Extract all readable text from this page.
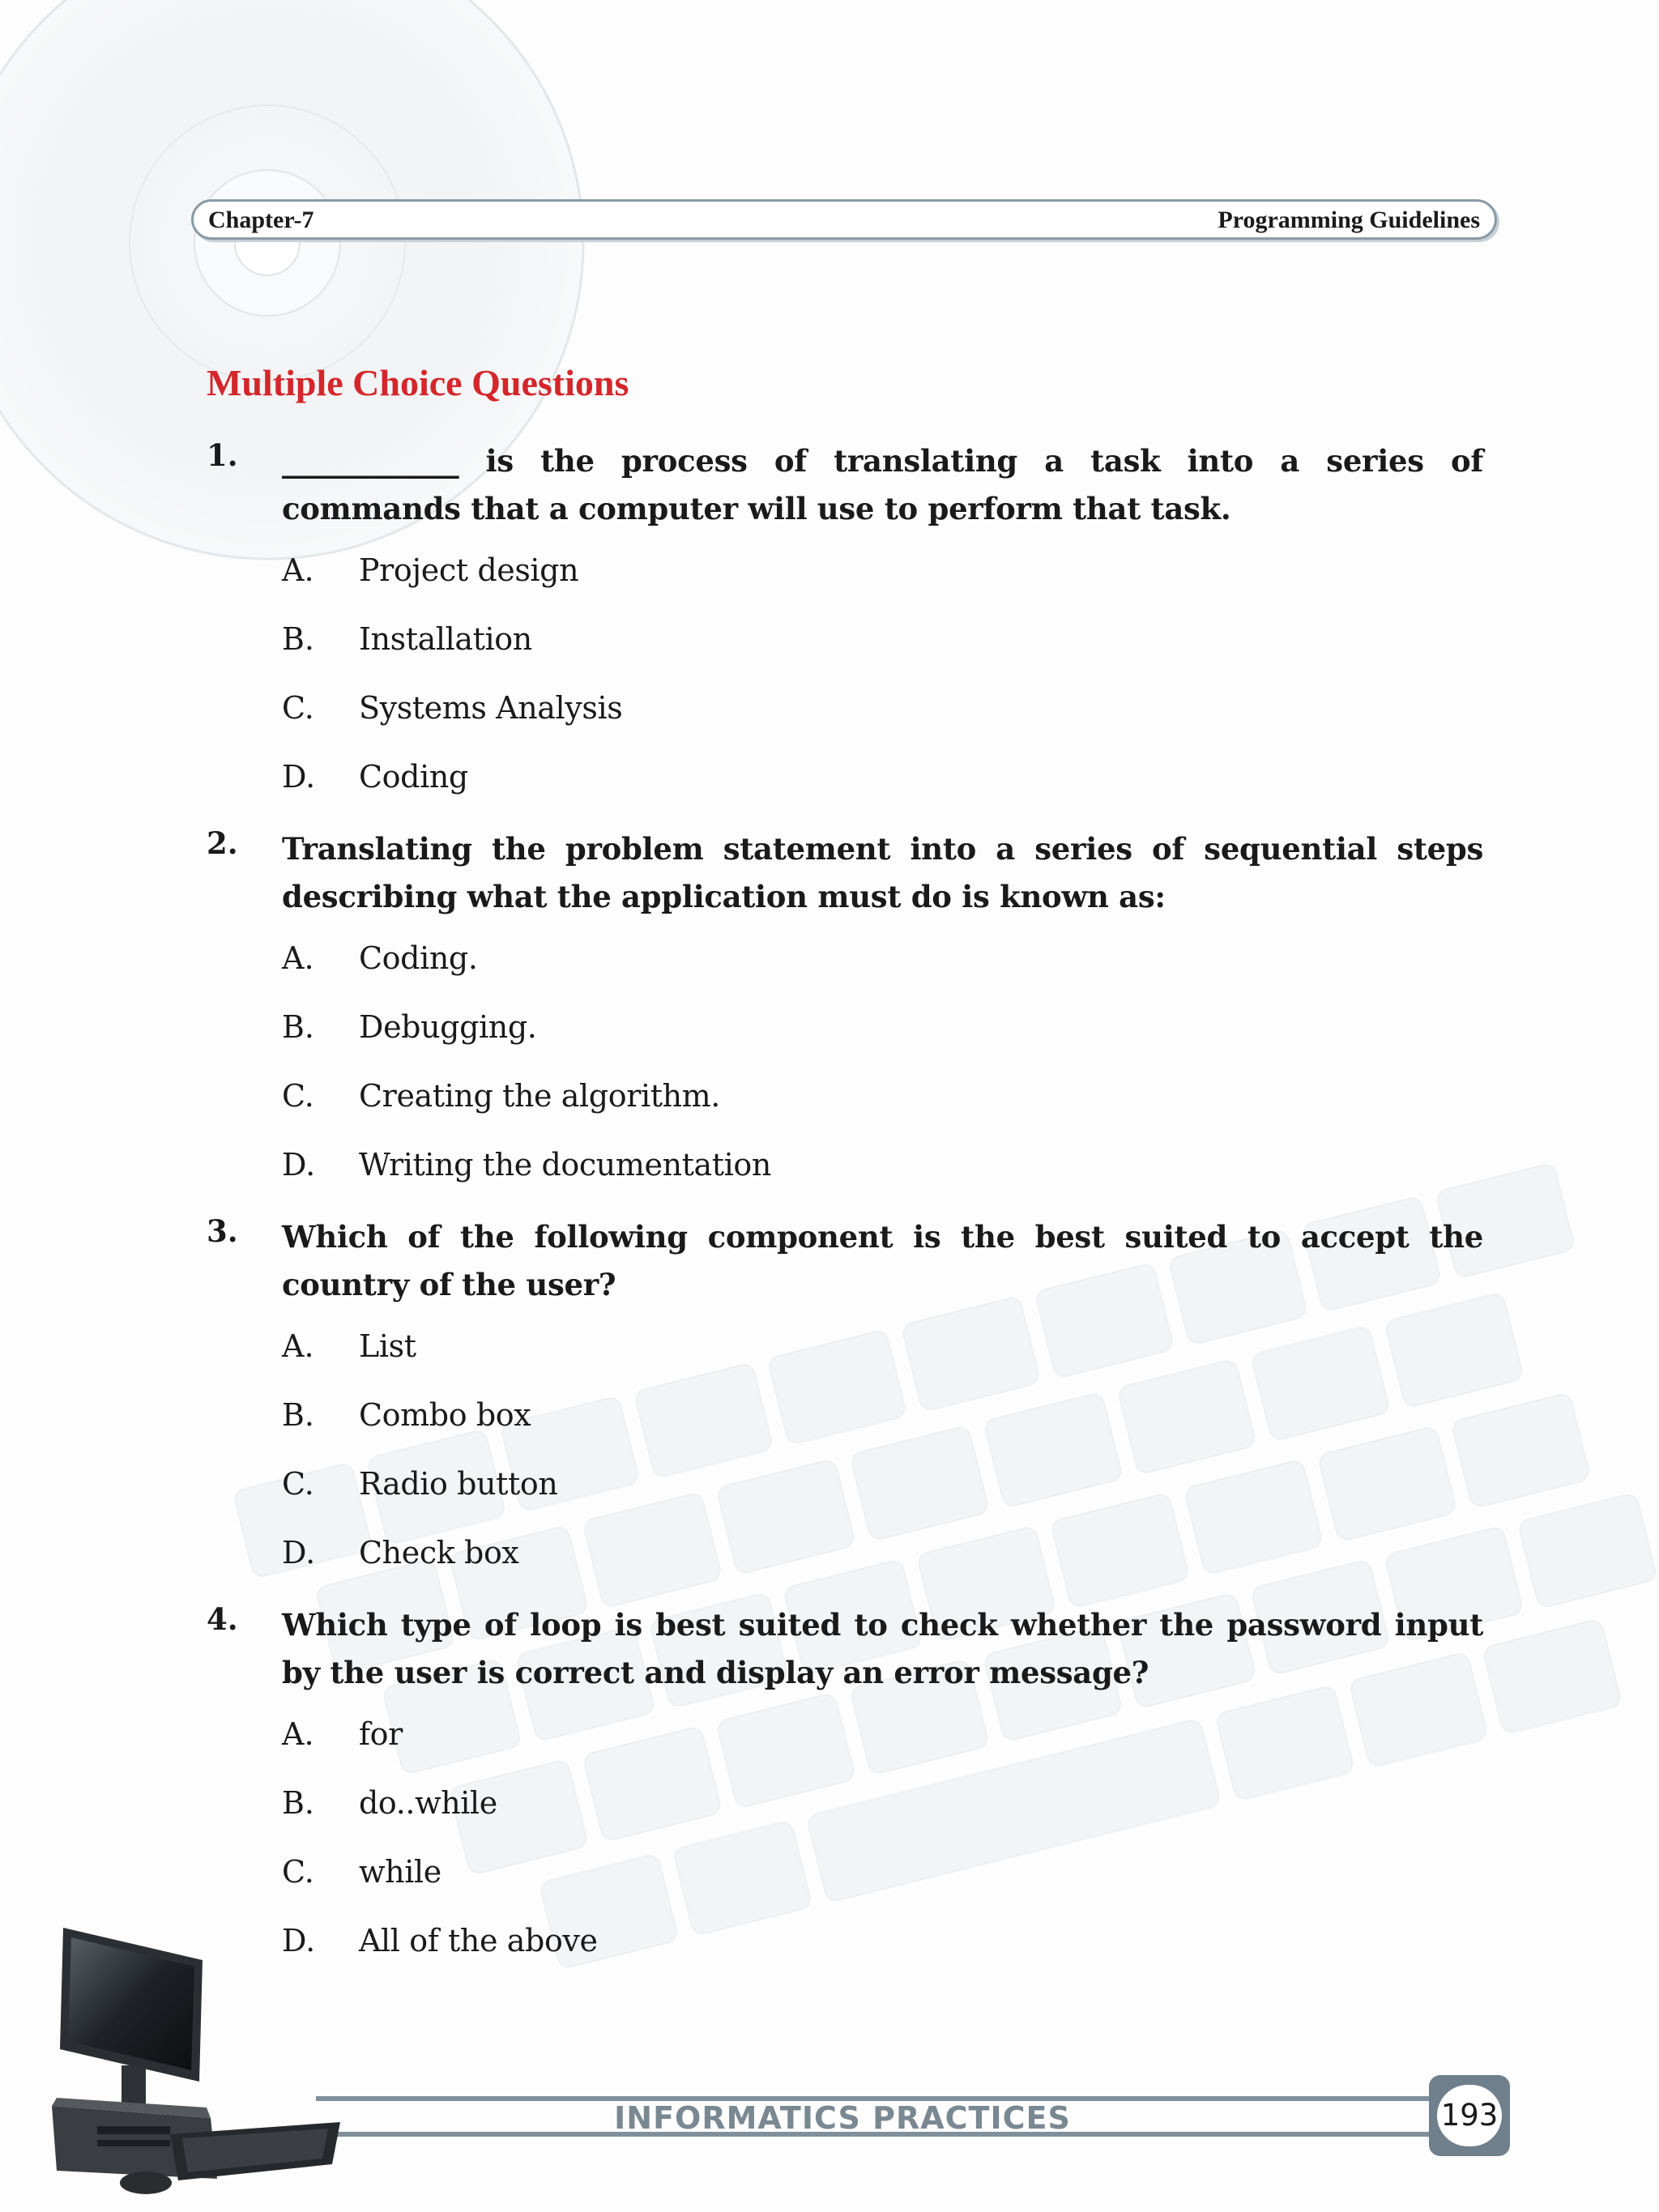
Chapter-7	Programming Guidelines
Multiple Choice Questions
1. ____________ is the process of translating a task into a series of commands that a computer will use to perform that task.
A.	Project design
B.	Installation
C.	Systems Analysis
D.	Coding
2. Translating the problem statement into a series of sequential steps describing what the application must do is known as:
A.	Coding.
B.	Debugging.
C.	Creating the algorithm.
D.	Writing the documentation
3. Which of the following component is the best suited to accept the country of the user?
A.	List
B.	Combo box
C.	Radio button
D.	Check box
4. Which type of loop is best suited to check whether the password input by the user is correct and display an error message?
A.	for
B.	do..while
C.	while
D.	All of the above
INFORMATICS PRACTICES	193
